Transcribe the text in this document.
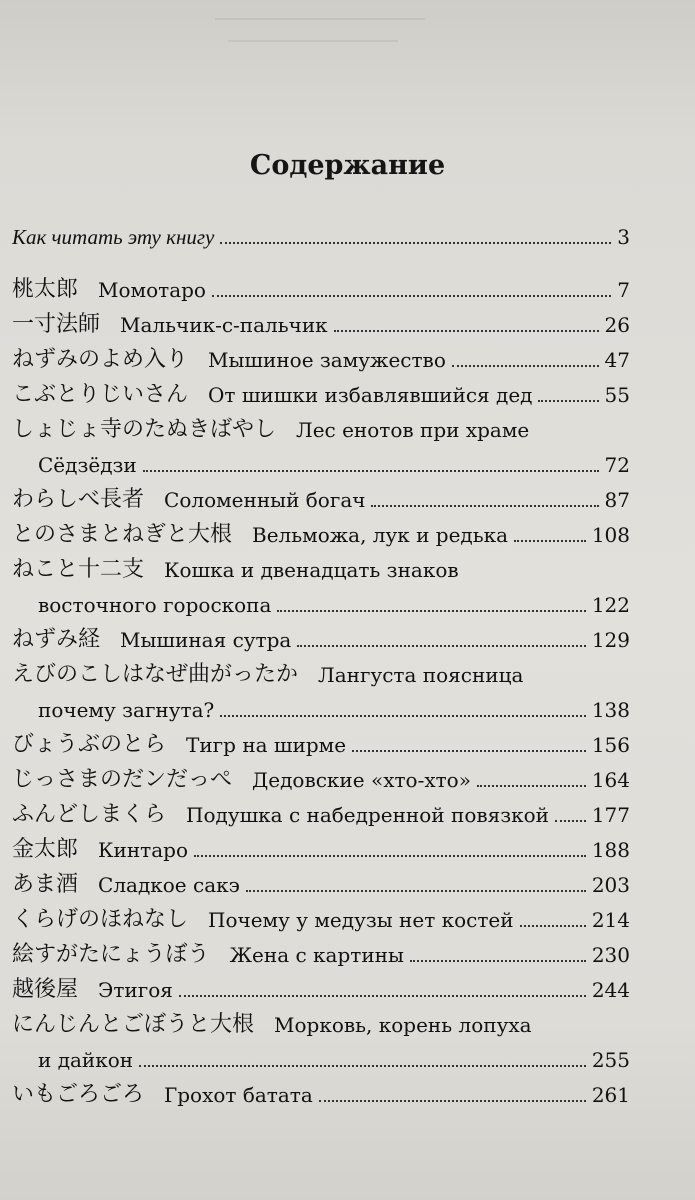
Содержание
Как читать эту книгу	3
桃太郎 Момотаро	7
一寸法師 Мальчик-с-пальчик	26
ねずみのよめ入り Мышиное замужество	47
こぶとりじいさん От шишки избавлявшийся дед	55
しょじょ寺のたぬきばやし Лес енотов при храме
Сёдзёдзи	72
わらしべ長者 Соломенный богач	87
とのさまとねぎと大根 Вельможа, лук и редька	108
ねこと十二支 Кошка и двенадцать знаков
восточного гороскопа	122
ねずみ経 Мышиная сутра	129
えびのこしはなぜ曲がったか Лангуста поясница
почему загнута?	138
びょうぶのとら Тигр на ширме	156
じっさまのだンだっぺ Дедовские «хто-хто»	164
ふんどしまくら Подушка с набедренной повязкой 177
金太郎 Кинтаро	188
あま酒 Сладкое сакэ	203
くらげのほねなし Почему у медузы нет костей	214
絵すがたにょうぼう Жена с картины	230
越後屋 Этигоя	244
にんじんとごぼうと大根 Морковь, корень лопуха
и дайкон	255
いもごろごろ Грохот батата	261
